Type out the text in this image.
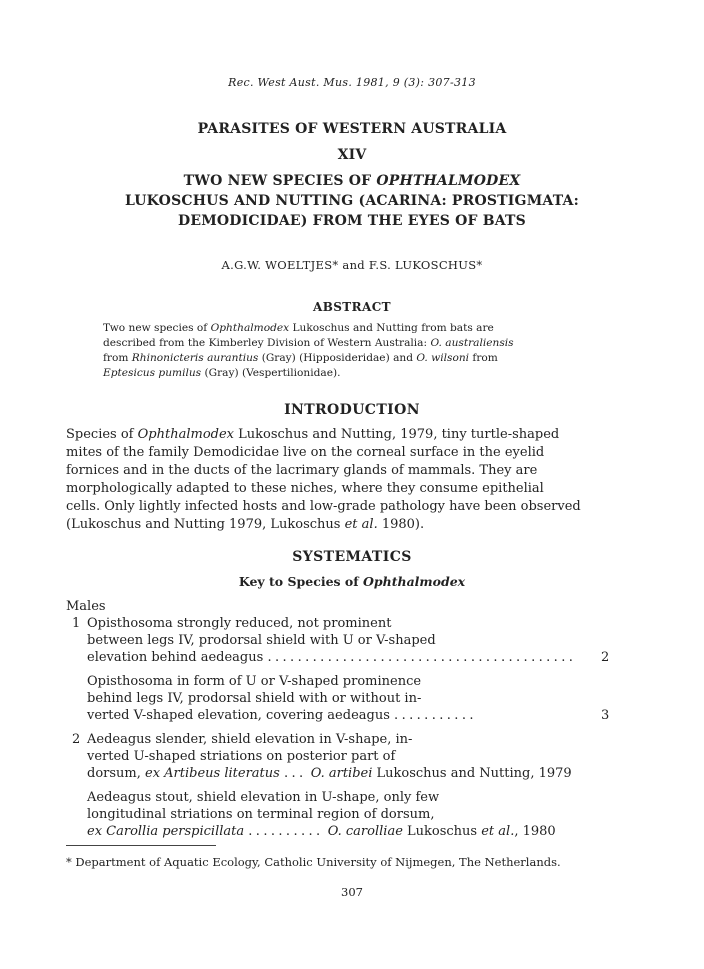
Rec. West Aust. Mus. 1981, 9 (3): 307-313
PARASITES OF WESTERN AUSTRALIA
XIV
TWO NEW SPECIES OF OPHTHALMODEX
LUKOSCHUS AND NUTTING (ACARINA: PROSTIGMATA:
DEMODICIDAE) FROM THE EYES OF BATS
A.G.W. WOELTJES* and F.S. LUKOSCHUS*
ABSTRACT
Two new species of Ophthalmodex Lukoschus and Nutting from bats are
described from the Kimberley Division of Western Australia: O. australiensis
from Rhinonicteris aurantius (Gray) (Hipposideridae) and O. wilsoni from
Eptesicus pumilus (Gray) (Vespertilionidae).
INTRODUCTION
Species of Ophthalmodex Lukoschus and Nutting, 1979, tiny turtle-shaped
mites of the family Demodicidae live on the corneal surface in the eyelid
fornices and in the ducts of the lacrimary glands of mammals. They are
morphologically adapted to these niches, where they consume epithelial
cells. Only lightly infected hosts and low-grade pathology have been observed
(Lukoschus and Nutting 1979, Lukoschus et al. 1980).
SYSTEMATICS
Key to Species of Ophthalmodex
Males
1 Opisthosoma strongly reduced, not prominent
between legs IV, prodorsal shield with U or V-shaped
elevation behind aedeagus ......................................... 2
Opisthosoma in form of U or V-shaped prominence
behind legs IV, prodorsal shield with or without in-
verted V-shaped elevation, covering aedeagus ...........	3
2 Aedeagus slender, shield elevation in V-shape, in-
verted U-shaped striations on posterior part of
dorsum, ex Artibeus literatus ... O. artibei Lukoschus and Nutting, 1979
Aedeagus stout, shield elevation in U-shape, only few
longitudinal striations on terminal region of dorsum,
ex Carollia perspicillata .......... O. carolliae Lukoschus et al., 1980
* Department of Aquatic Ecology, Catholic University of Nijmegen, The Netherlands.
307
